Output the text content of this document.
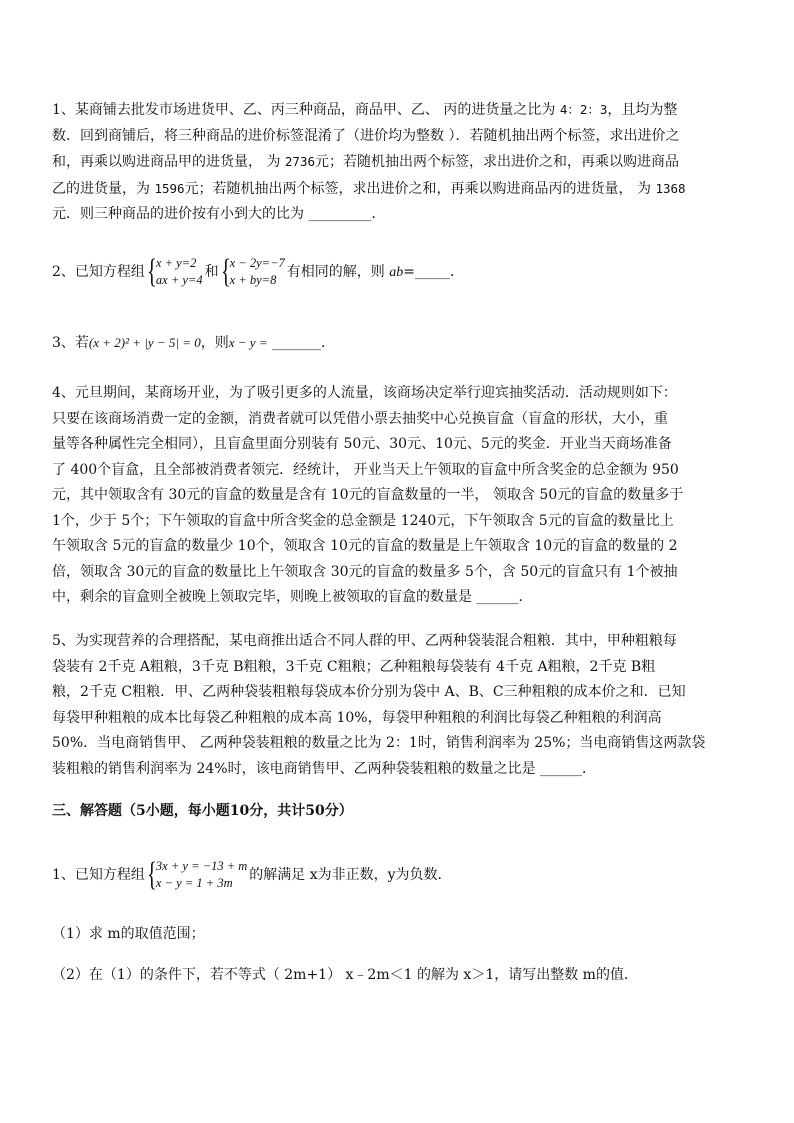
1、某商铺去批发市场进货甲、乙、丙三种商品，商品甲、乙、 丙的进货量之比为 4：2：3，且均为整

数．回到商铺后，将三种商品的进价标签混淆了（进价均为整数 ）．若随机抽出两个标签，求出进价之

和，再乘以购进商品甲的进货量， 为 2736元；若随机抽出两个标签，求出进价之和，再乘以购进商品

乙的进货量，为 1596元；若随机抽出两个标签，求出进价之和，再乘以购进商品丙的进货量， 为 1368

元．则三种商品的进价按有小到大的比为 _________．

2、已知方程组 { x + y=2
ax + y=4 和 { x − 2y=−7
x + by=8 有相同的解，则 ab=_____．
3、若(x + 2)² + |y − 5| = 0，则x − y = _______．

4、元旦期间，某商场开业，为了吸引更多的人流量，该商场决定举行迎宾抽奖活动．活动规则如下：

只要在该商场消费一定的金额，消费者就可以凭借小票去抽奖中心兑换盲盒（盲盒的形状，大小，重

量等各种属性完全相同），且盲盒里面分别装有 50元、30元、10元、5元的奖金．开业当天商场准备

了 400个盲盒，且全部被消费者领完．经统计， 开业当天上午领取的盲盒中所含奖金的总金额为 950

元，其中领取含有 30元的盲盒的数量是含有 10元的盲盒数量的一半， 领取含 50元的盲盒的数量多于

1个，少于 5个；下午领取的盲盒中所含奖金的总金额是 1240元，下午领取含 5元的盲盒的数量比上

午领取含 5元的盲盒的数量少 10个，领取含 10元的盲盒的数量是上午领取含 10元的盲盒的数量的 2

倍，领取含 30元的盲盒的数量比上午领取含 30元的盲盒的数量多 5个，含 50元的盲盒只有 1个被抽

中，剩余的盲盒则全被晚上领取完毕，则晚上被领取的盲盒的数量是 ______．

5、为实现营养的合理搭配，某电商推出适合不同人群的甲、乙两种袋装混合粗粮．其中，甲种粗粮每

袋装有 2千克 A粗粮，3千克 B粗粮，3千克 C粗粮；乙种粗粮每袋装有 4千克 A粗粮，2千克 B粗

粮，2千克 C粗粮．甲、乙两种袋装粗粮每袋成本价分别为袋中 A、B、C三种粗粮的成本价之和．已知

每袋甲种粗粮的成本比每袋乙种粗粮的成本高 10%，每袋甲种粗粮的利润比每袋乙种粗粮的利润高

50%．当电商销售甲、 乙两种袋装粗粮的数量之比为 2：1时，销售利润率为 25%；当电商销售这两款袋

装粗粮的销售利润率为 24%时，该电商销售甲、乙两种袋装粗粮的数量之比是 ______．

三、解答题（5小题，每小题10分，共计50分）
1、已知方程组 { 3x + y = −13 + m
x − y = 1 + 3m	的解满足 x为非正数，y为负数．
（1）求 m的取值范围；
（2）在（1）的条件下，若不等式（ 2m+1） x﹣2m＜1 的解为 x＞1，请写出整数 m的值．
